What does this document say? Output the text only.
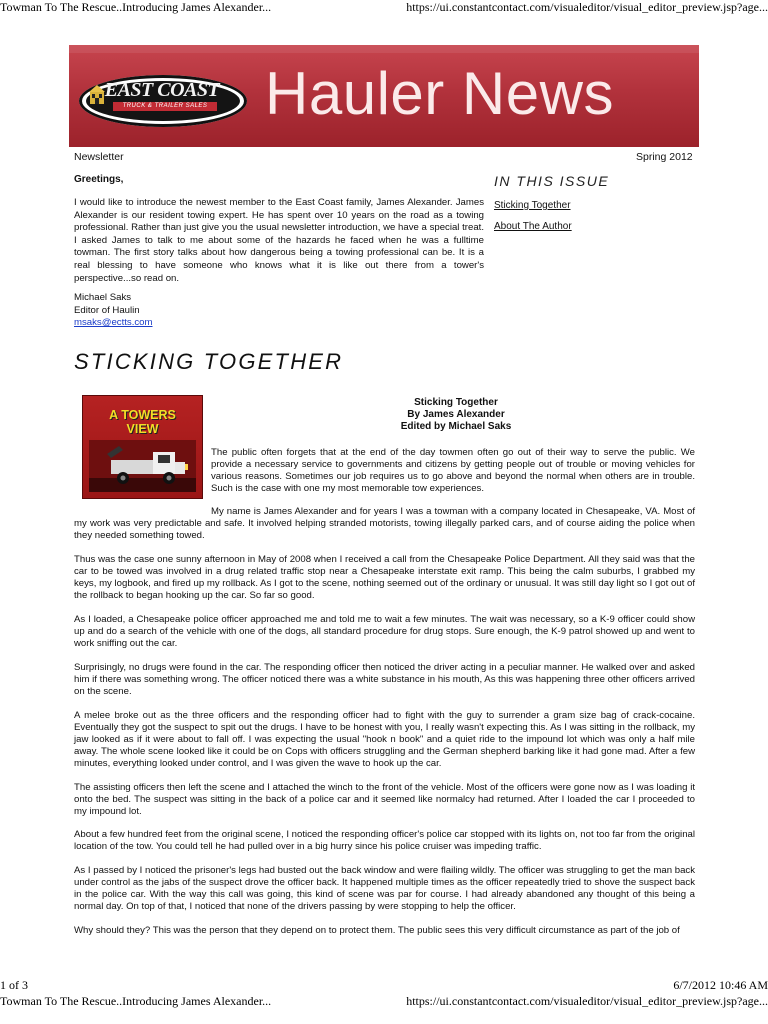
Towman To The Rescue..Introducing James Alexander...	https://ui.constantcontact.com/visualeditor/visual_editor_preview.jsp?age...
EAST COAST
TRUCK & TRAILER SALES Hauler News
Newsletter	Spring 2012
Greetings,
I would like to introduce the newest member to the East Coast family, James Alexander. James Alexander is our resident towing expert. He has spent over 10 years on the road as a towing professional. Rather than just give you the usual newsletter introduction, we have a special treat. I asked James to talk to me about some of the hazards he faced when he was a fulltime towman. The first story talks about how dangerous being a towing professional can be. It is a real blessing to have someone who knows what it is like out there from a tower's perspective...so read on.
Michael Saks
Editor of Haulin
msaks@ectts.com
IN THIS ISSUE
Sticking Together
About The Author
STICKING TOGETHER
A TOWERS
VIEW
Sticking Together
By James Alexander
Edited by Michael Saks
The public often forgets that at the end of the day towmen often go out of their way to serve the public. We provide a necessary service to governments and citizens by getting people out of trouble or moving vehicles for various reasons. Sometimes our job requires us to go above and beyond the normal when others are in trouble. Such is the case with one my most memorable tow experiences.
My name is James Alexander and for years I was a towman with a company located in Chesapeake, VA. Most of my work was very predictable and safe. It involved helping stranded motorists, towing illegally parked cars, and of course aiding the police when they needed something towed.
Thus was the case one sunny afternoon in May of 2008 when I received a call from the Chesapeake Police Department. All they said was that the car to be towed was involved in a drug related traffic stop near a Chesapeake interstate exit ramp. This being the calm suburbs, I grabbed my keys, my logbook, and fired up my rollback. As I got to the scene, nothing seemed out of the ordinary or unusual. It was still day light so I got out of the rollback to began hooking up the car. So far so good.
As I loaded, a Chesapeake police officer approached me and told me to wait a few minutes. The wait was necessary, so a K-9 officer could show up and do a search of the vehicle with one of the dogs, all standard procedure for drug stops. Sure enough, the K-9 patrol showed up and went to work sniffing out the car.
Surprisingly, no drugs were found in the car. The responding officer then noticed the driver acting in a peculiar manner. He walked over and asked him if there was something wrong. The officer noticed there was a white substance in his mouth, As this was happening three other officers arrived on the scene.
A melee broke out as the three officers and the responding officer had to fight with the guy to surrender a gram size bag of crack-cocaine. Eventually they got the suspect to spit out the drugs. I have to be honest with you, I really wasn't expecting this. As I was sitting in the rollback, my jaw looked as if it were about to fall off. I was expecting the usual "hook n book" and a quiet ride to the impound lot which was only a half mile away. The whole scene looked like it could be on Cops with officers struggling and the German shepherd barking like it had gone mad. After a few minutes, everything looked under control, and I was given the wave to hook up the car.
The assisting officers then left the scene and I attached the winch to the front of the vehicle. Most of the officers were gone now as I was loading it onto the bed. The suspect was sitting in the back of a police car and it seemed like normalcy had returned. After I loaded the car I proceeded to my impound lot.
About a few hundred feet from the original scene, I noticed the responding officer's police car stopped with its lights on, not too far from the original location of the tow. You could tell he had pulled over in a big hurry since his police cruiser was impeding traffic.
As I passed by I noticed the prisoner's legs had busted out the back window and were flailing wildly. The officer was struggling to get the man back under control as the jabs of the suspect drove the officer back. It happened multiple times as the officer repeatedly tried to shove the suspect back in the police car. With the way this call was going, this kind of scene was par for course. I had already abandoned any thought of this being a normal day. On top of that, I noticed that none of the drivers passing by were stopping to help the officer.
Why should they? This was the person that they depend on to protect them. The public sees this very difficult circumstance as part of the job of
1 of 3	6/7/2012 10:46 AM
Towman To The Rescue..Introducing James Alexander...	https://ui.constantcontact.com/visualeditor/visual_editor_preview.jsp?age...
